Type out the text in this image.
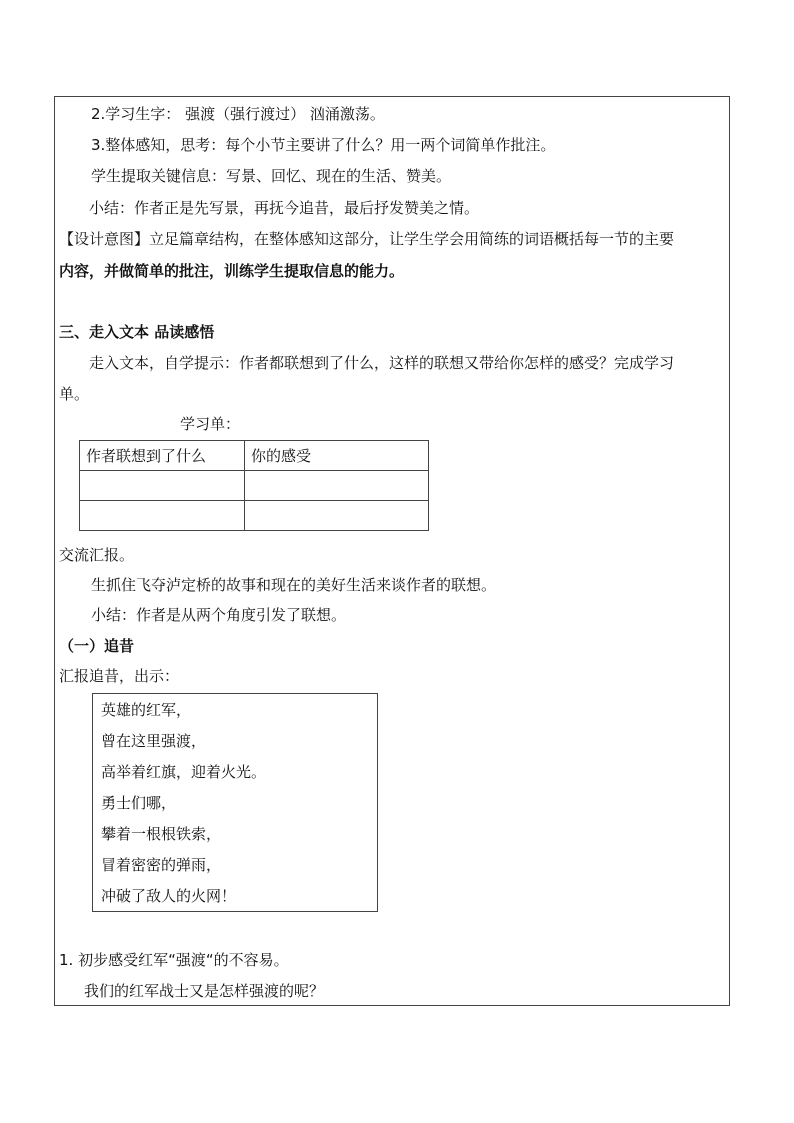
2.学习生字： 强渡（强行渡过） 汹涌激荡。
3.整体感知，思考：每个小节主要讲了什么？用一两个词简单作批注。
学生提取关键信息：写景、回忆、现在的生活、赞美。
小结：作者正是先写景，再抚今追昔，最后抒发赞美之情。
【设计意图】立足篇章结构，在整体感知这部分，让学生学会用简练的词语概括每一节的主要
内容，并做简单的批注，训练学生提取信息的能力。
三、走入文本 品读感悟
走入文本，自学提示：作者都联想到了什么，这样的联想又带给你怎样的感受？完成学习
单。
学习单：
作者联想到了什么	你的感受

交流汇报。
生抓住飞夺泸定桥的故事和现在的美好生活来谈作者的联想。
小结：作者是从两个角度引发了联想。
（一）追昔
汇报追昔，出示：
英雄的红军，
曾在这里强渡，
高举着红旗，迎着火光。
勇士们哪，
攀着一根根铁索，
冒着密密的弹雨，
冲破了敌人的火网！
1. 初步感受红军“强渡“的不容易。
我们的红军战士又是怎样强渡的呢？
